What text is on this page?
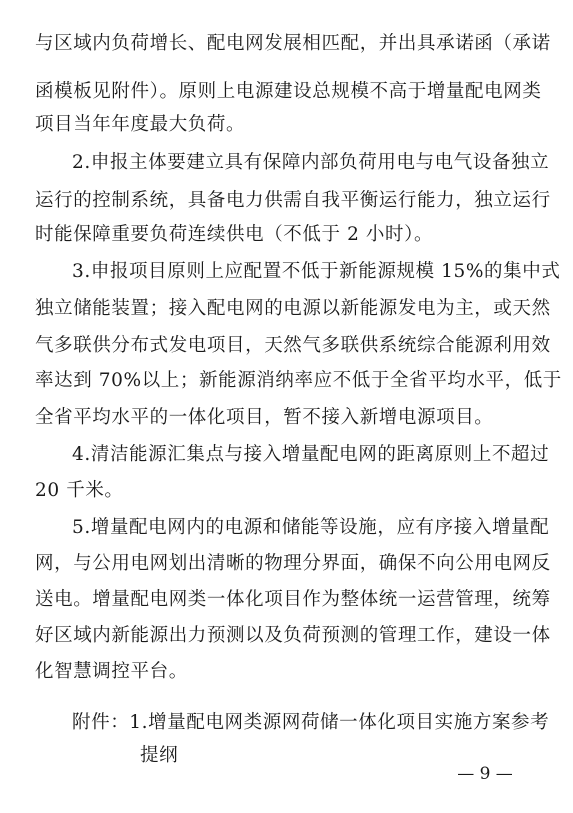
与区域内负荷增长、配电网发展相匹配，并出具承诺函（承诺
函模板见附件）。原则上电源建设总规模不高于增量配电网类
项目当年年度最大负荷。
2.申报主体要建立具有保障内部负荷用电与电气设备独立
运行的控制系统，具备电力供需自我平衡运行能力，独立运行
时能保障重要负荷连续供电（不低于 2 小时）。
3.申报项目原则上应配置不低于新能源规模 15%的集中式
独立储能装置；接入配电网的电源以新能源发电为主，或天然
气多联供分布式发电项目，天然气多联供系统综合能源利用效
率达到 70%以上；新能源消纳率应不低于全省平均水平，低于
全省平均水平的一体化项目，暂不接入新增电源项目。
4.清洁能源汇集点与接入增量配电网的距离原则上不超过
20 千米。
5.增量配电网内的电源和储能等设施，应有序接入增量配
网，与公用电网划出清晰的物理分界面，确保不向公用电网反
送电。增量配电网类一体化项目作为整体统一运营管理，统筹
好区域内新能源出力预测以及负荷预测的管理工作，建设一体
化智慧调控平台。
附件：1.增量配电网类源网荷储一体化项目实施方案参考
提纲
— 9 —
